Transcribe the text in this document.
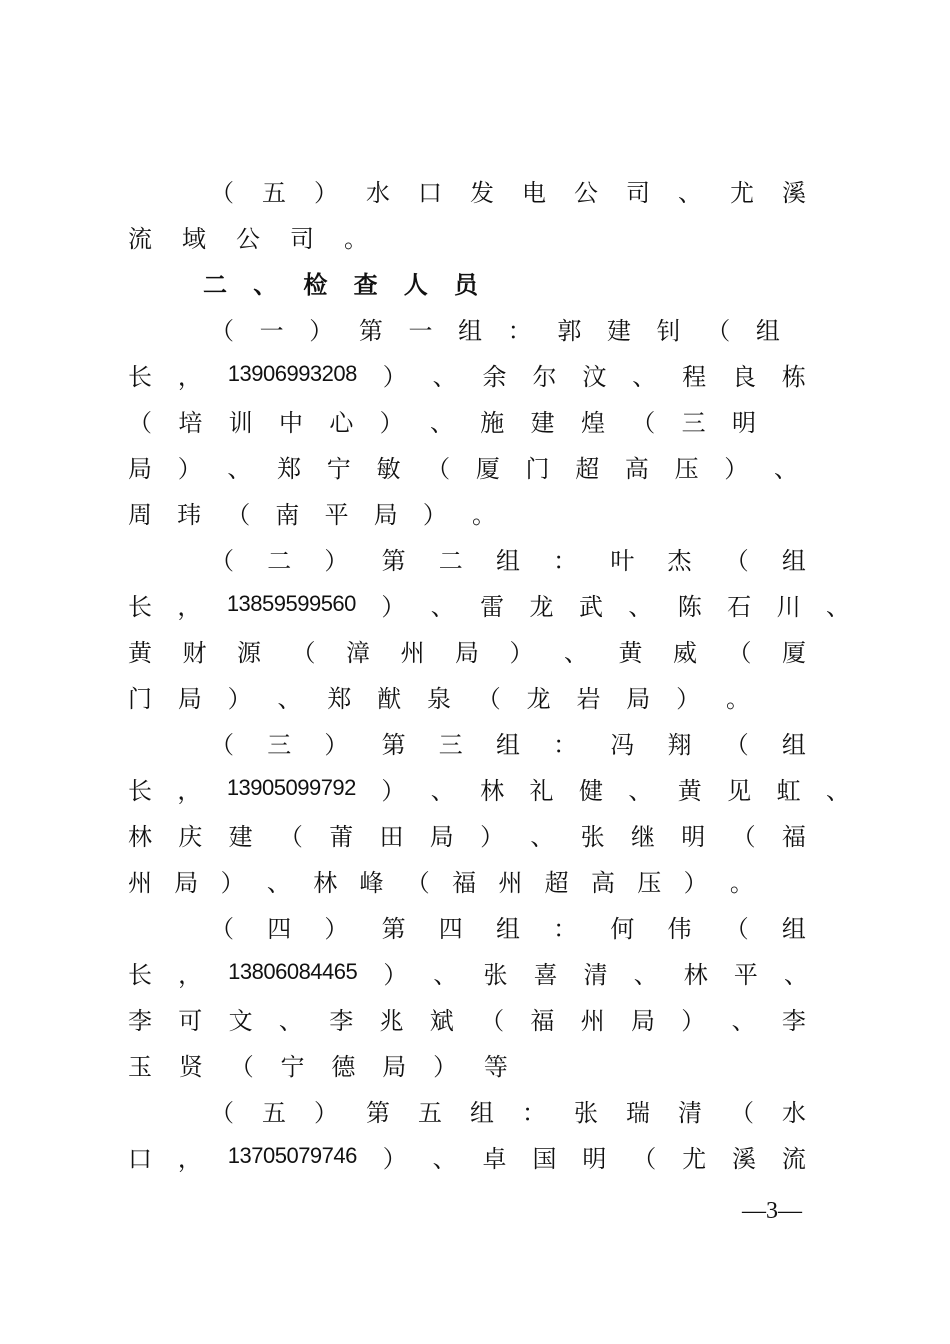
（ 五 ） 水 口 发 电 公 司 、 尤 溪
流 域 公 司 。
二 、 检 查 人 员
（ 一 ） 第 一 组 ： 郭 建 钊 （ 组
长 ， 13906993208 ） 、 余 尔 汶 、 程 良 栋
（ 培 训 中 心 ） 、 施 建 煌 （ 三 明
局 ） 、 郑 宁 敏 （ 厦 门 超 高 压 ） 、
周 玮 （ 南 平 局 ） 。
（ 二 ） 第 二 组 ： 叶 杰 （ 组
长 ， 13859599560 ） 、 雷 龙 武 、 陈 石 川 、
黄 财 源 （ 漳 州 局 ） 、 黄 威 （ 厦
门 局 ） 、 郑 猷 泉 （ 龙 岩 局 ） 。
（ 三 ） 第 三 组 ： 冯 翔 （ 组
长 ， 13905099792 ） 、 林 礼 健 、 黄 见 虹 、
林 庆 建 （ 莆 田 局 ） 、 张 继 明 （ 福
州 局 ） 、 林 峰 （ 福 州 超 高 压 ） 。
（ 四 ） 第 四 组 ： 何 伟 （ 组
长 ， 13806084465 ） 、 张 喜 清 、 林 平 、
李 可 文 、 李 兆 斌 （ 福 州 局 ） 、 李
玉 贤 （ 宁 德 局 ） 等
（ 五 ） 第 五 组 ： 张 瑞 清 （ 水
口 ， 13705079746 ） 、 卓 国 明 （ 尤 溪 流
—3—
